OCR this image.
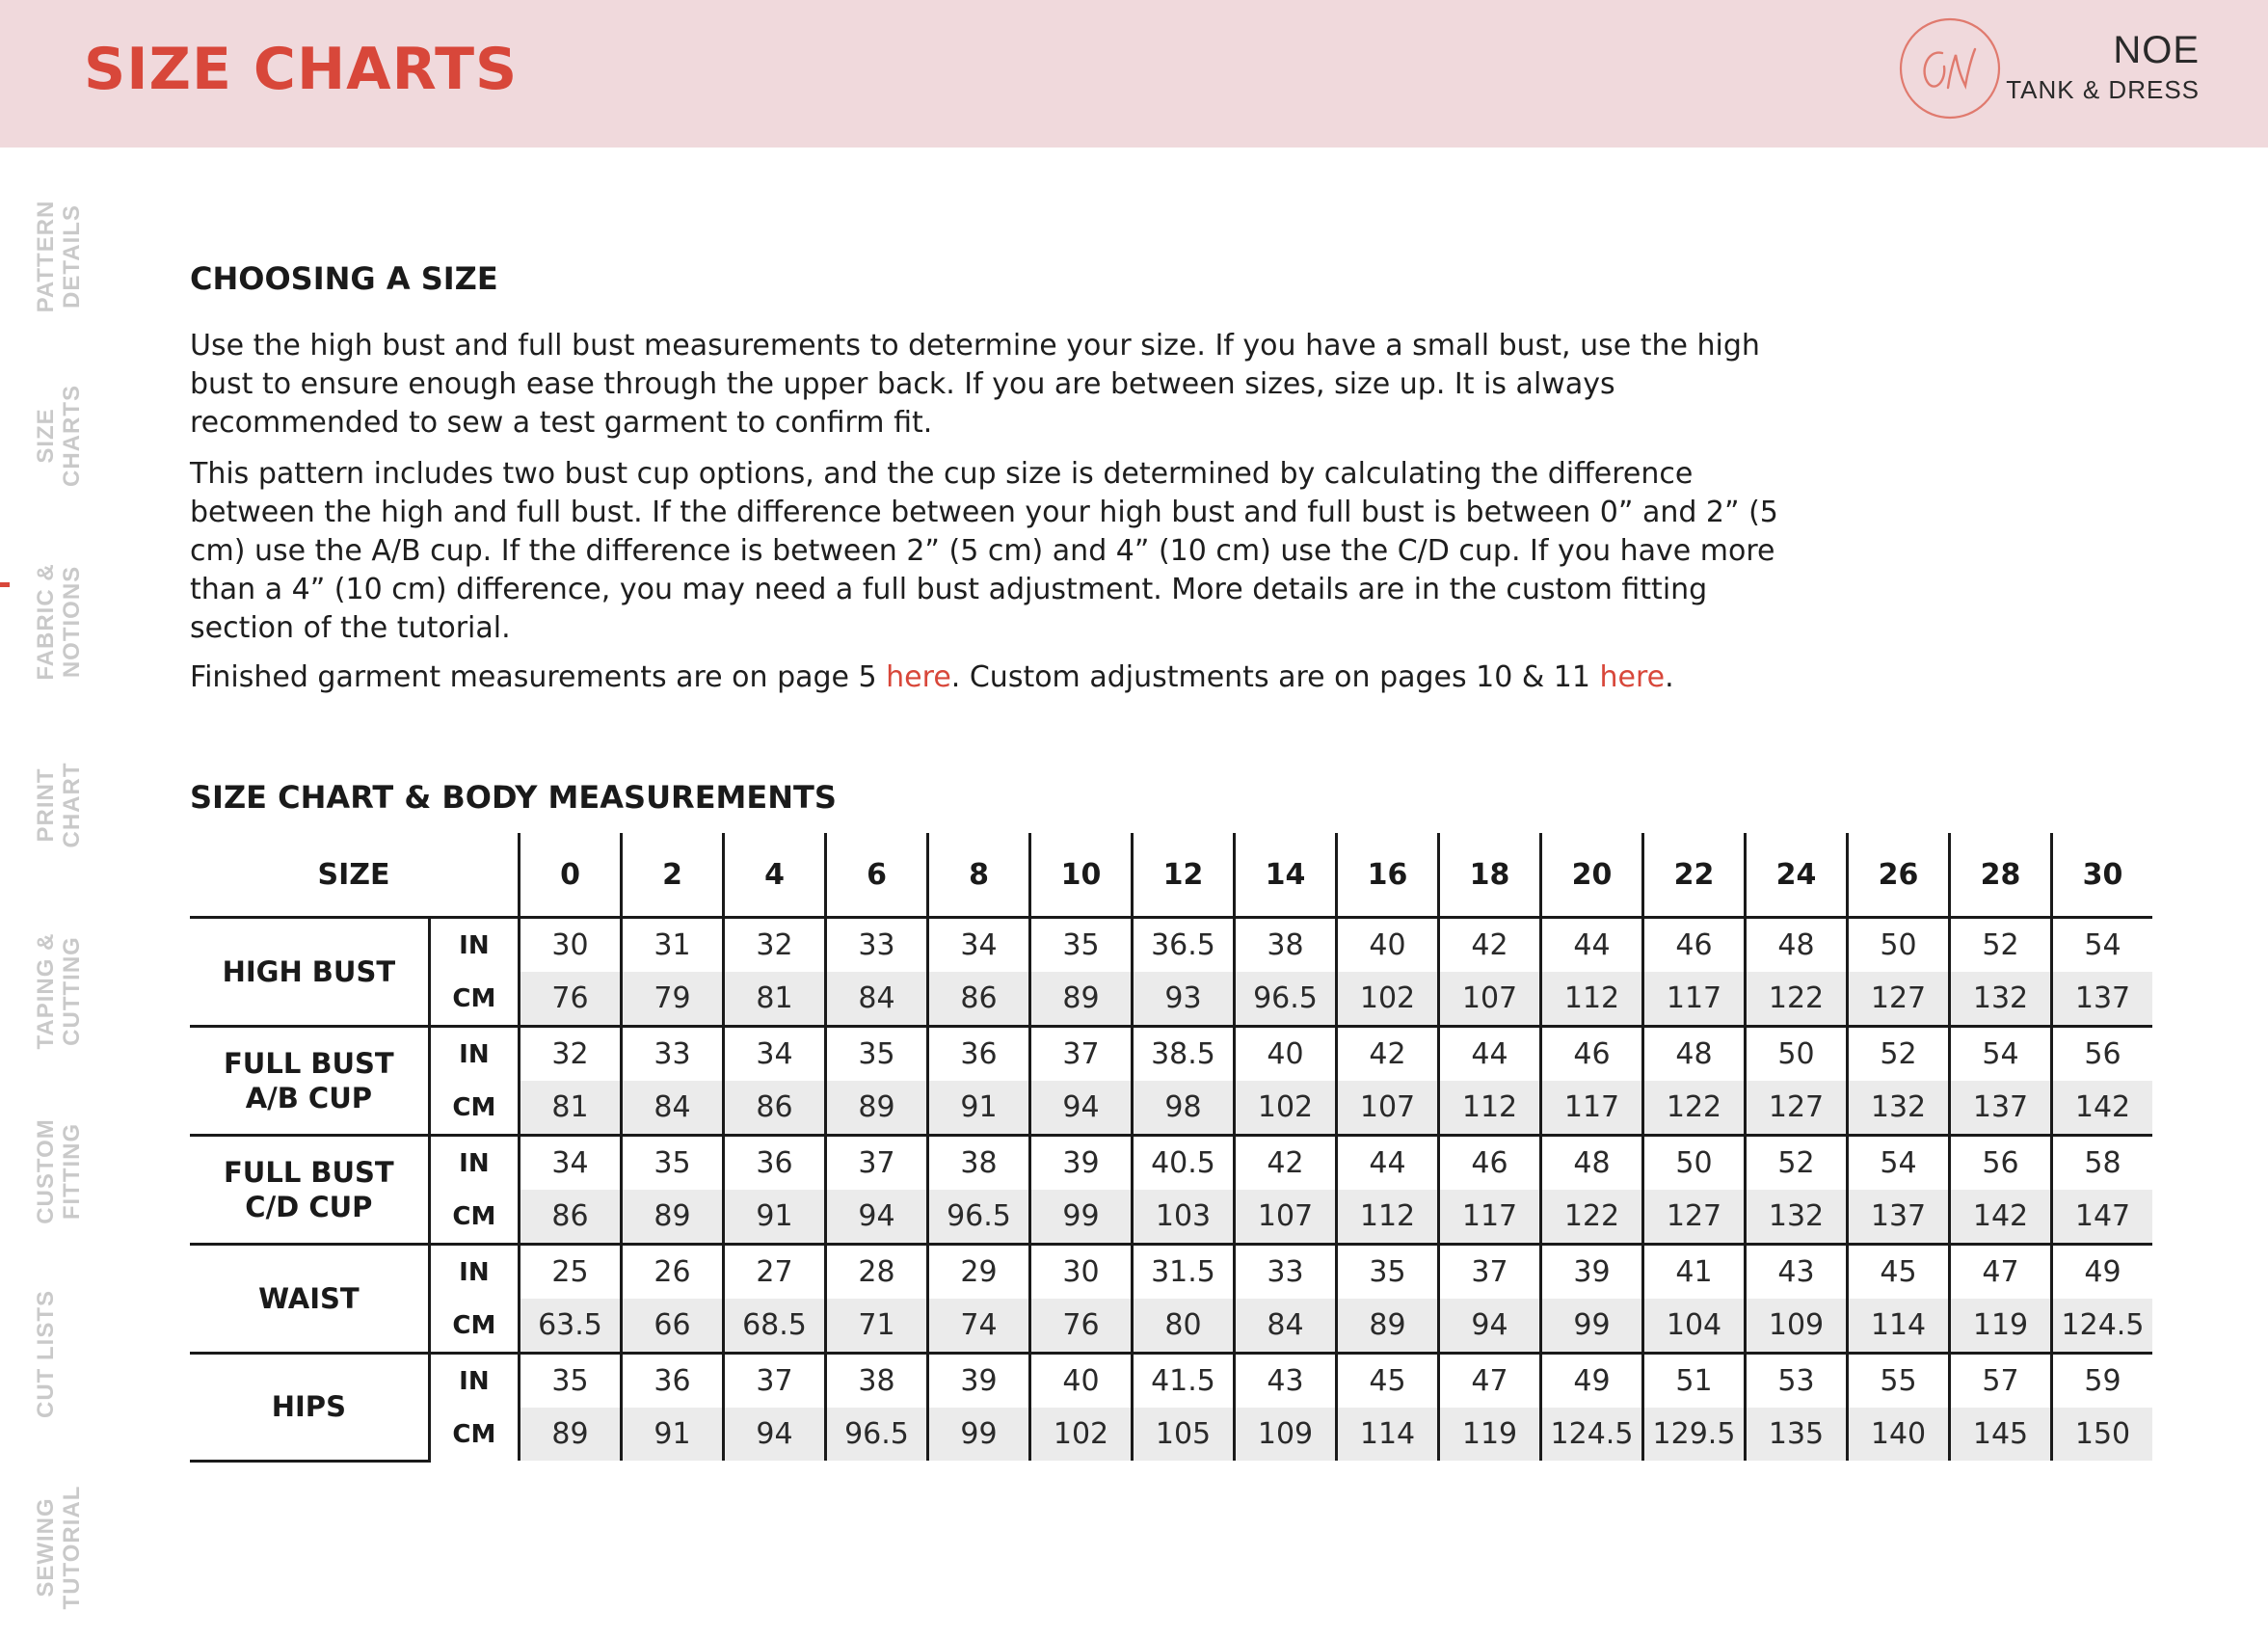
SIZE CHARTS	NOE
TANK & DRESS
PATTERN DETAILS
SIZE CHARTS
FABRIC & NOTIONS
PRINT CHART
TAPING & CUTTING
CUSTOM FITTING
CUT LISTS
SEWING TUTORIAL
CHOOSING A SIZE

Use the high bust and full bust measurements to determine your size. If you have a small bust, use the high bust to ensure enough ease through the upper back. If you are between sizes, size up. It is always recommended to sew a test garment to confirm fit.

This pattern includes two bust cup options, and the cup size is determined by calculating the difference between the high and full bust. If the difference between your high bust and full bust is between 0” and 2” (5 cm) use the A/B cup. If the difference is between 2” (5 cm) and 4” (10 cm) use the C/D cup. If you have more than a 4” (10 cm) difference, you may need a full bust adjustment. More details are in the custom fitting section of the tutorial.

Finished garment measurements are on page 5 here. Custom adjustments are on pages 10 & 11 here.

SIZE CHART & BODY MEASUREMENTS
SIZE		0	2	4	6	8	10	12	14	16	18	20	22	24	26	28	30

HIGH BUST	IN	30	31	32	33	34	35	36.5	38	40	42	44	46	48	50	52	54
	CM	76	79	81	84	86	89	93	96.5	102	107	112	117	122	127	132	137

FULL BUST
A/B CUP	IN	32	33	34	35	36	37	38.5	40	42	44	46	48	50	52	54	56
	CM	81	84	86	89	91	94	98	102	107	112	117	122	127	132	137	142

FULL BUST
C/D CUP	IN	34	35	36	37	38	39	40.5	42	44	46	48	50	52	54	56	58
	CM	86	89	91	94	96.5	99	103	107	112	117	122	127	132	137	142	147

WAIST	IN	25	26	27	28	29	30	31.5	33	35	37	39	41	43	45	47	49
	CM	63.5	66	68.5	71	74	76	80	84	89	94	99	104	109	114	119	124.5

HIPS	IN	35	36	37	38	39	40	41.5	43	45	47	49	51	53	55	57	59
	CM	89	91	94	96.5	99	102	105	109	114	119	124.5	129.5	135	140	145	150
